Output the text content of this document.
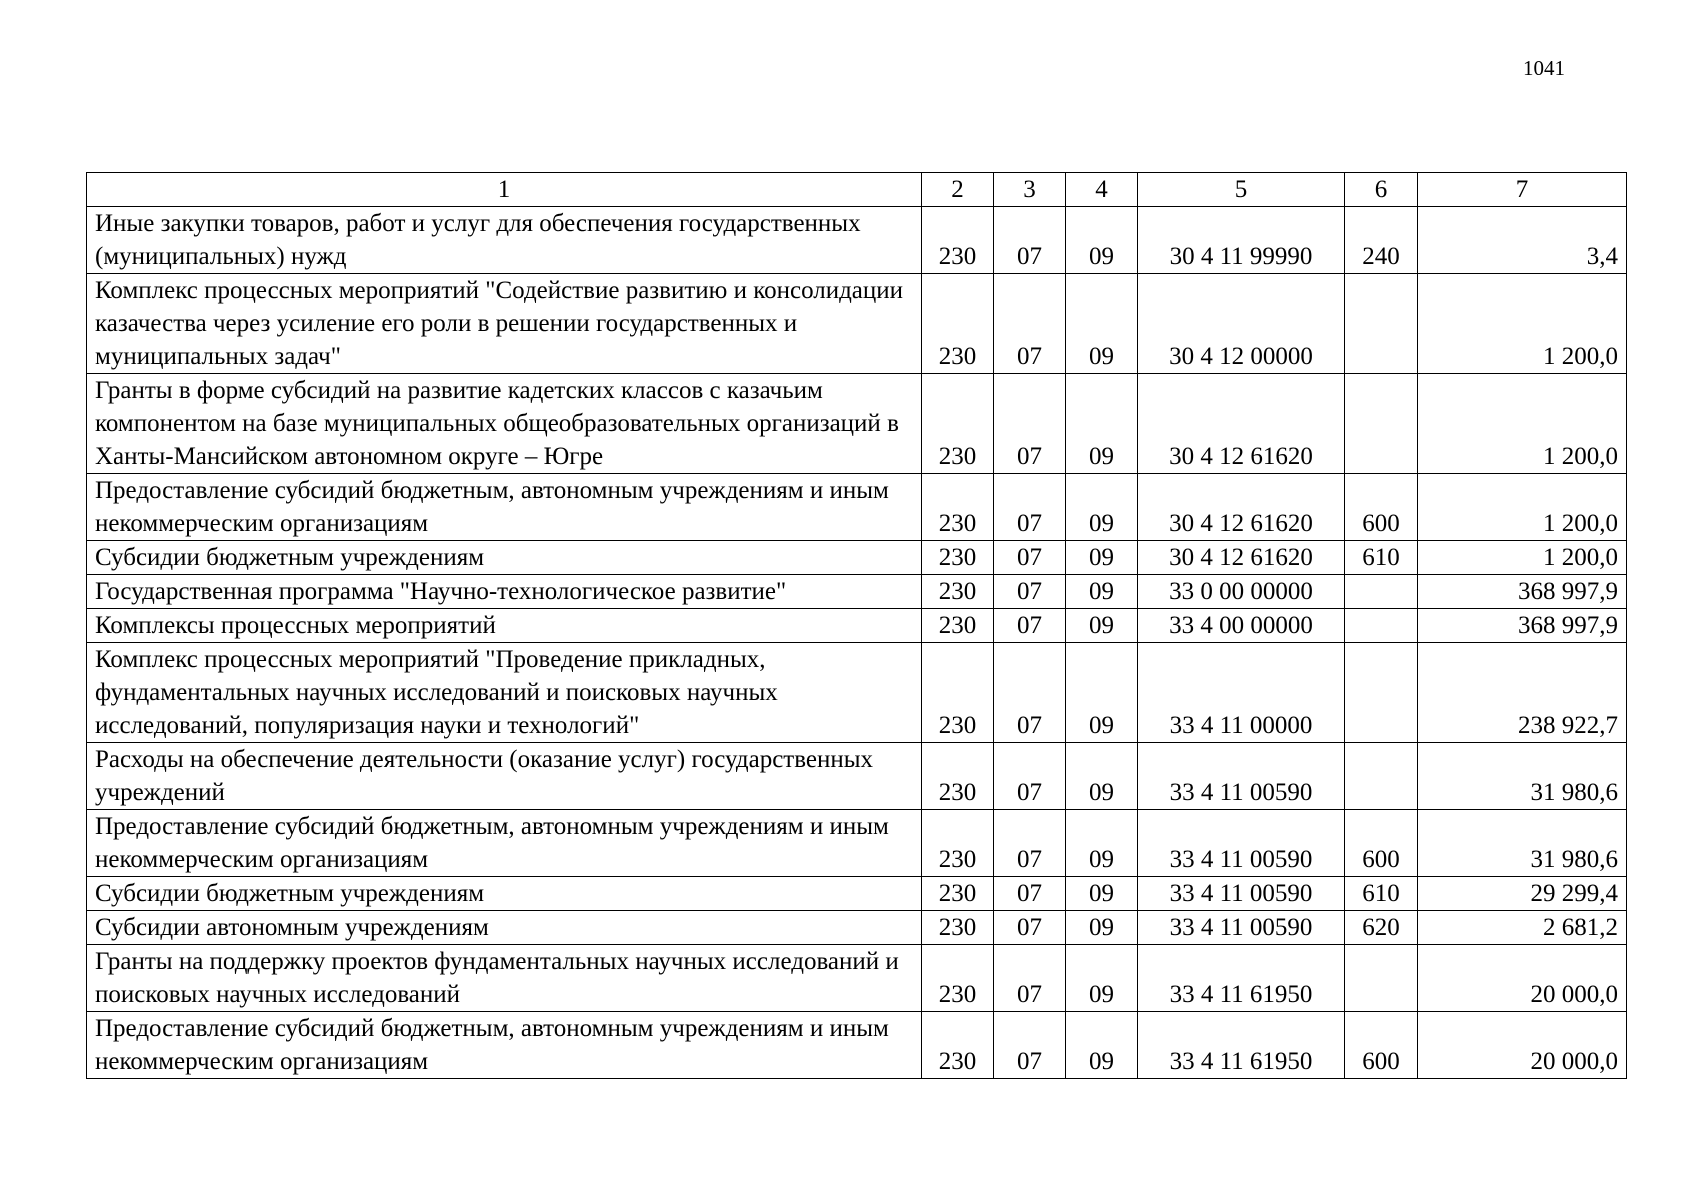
1041
1	2	3	4	5	6	7
Иные закупки товаров, работ и услуг для обеспечения государственных (муниципальных) нужд	230	07	09	30 4 11 99990	240	3,4
Комплекс процессных мероприятий "Содействие развитию и консолидации казачества через усиление его роли в решении государственных и муниципальных задач"	230	07	09	30 4 12 00000		1 200,0
Гранты в форме субсидий на развитие кадетских классов с казачьим компонентом на базе муниципальных общеобразовательных организаций в Ханты-Мансийском автономном округе – Югре	230	07	09	30 4 12 61620		1 200,0
Предоставление субсидий бюджетным, автономным учреждениям и иным некоммерческим организациям	230	07	09	30 4 12 61620	600	1 200,0
Субсидии бюджетным учреждениям	230	07	09	30 4 12 61620	610	1 200,0
Государственная программа "Научно-технологическое развитие"	230	07	09	33 0 00 00000		368 997,9
Комплексы процессных мероприятий	230	07	09	33 4 00 00000		368 997,9
Комплекс процессных мероприятий "Проведение прикладных, фундаментальных научных исследований и поисковых научных исследований, популяризация науки и технологий"	230	07	09	33 4 11 00000		238 922,7
Расходы на обеспечение деятельности (оказание услуг) государственных учреждений	230	07	09	33 4 11 00590		31 980,6
Предоставление субсидий бюджетным, автономным учреждениям и иным некоммерческим организациям	230	07	09	33 4 11 00590	600	31 980,6
Субсидии бюджетным учреждениям	230	07	09	33 4 11 00590	610	29 299,4
Субсидии автономным учреждениям	230	07	09	33 4 11 00590	620	2 681,2
Гранты на поддержку проектов фундаментальных научных исследований и поисковых научных исследований	230	07	09	33 4 11 61950		20 000,0
Предоставление субсидий бюджетным, автономным учреждениям и иным некоммерческим организациям	230	07	09	33 4 11 61950	600	20 000,0
